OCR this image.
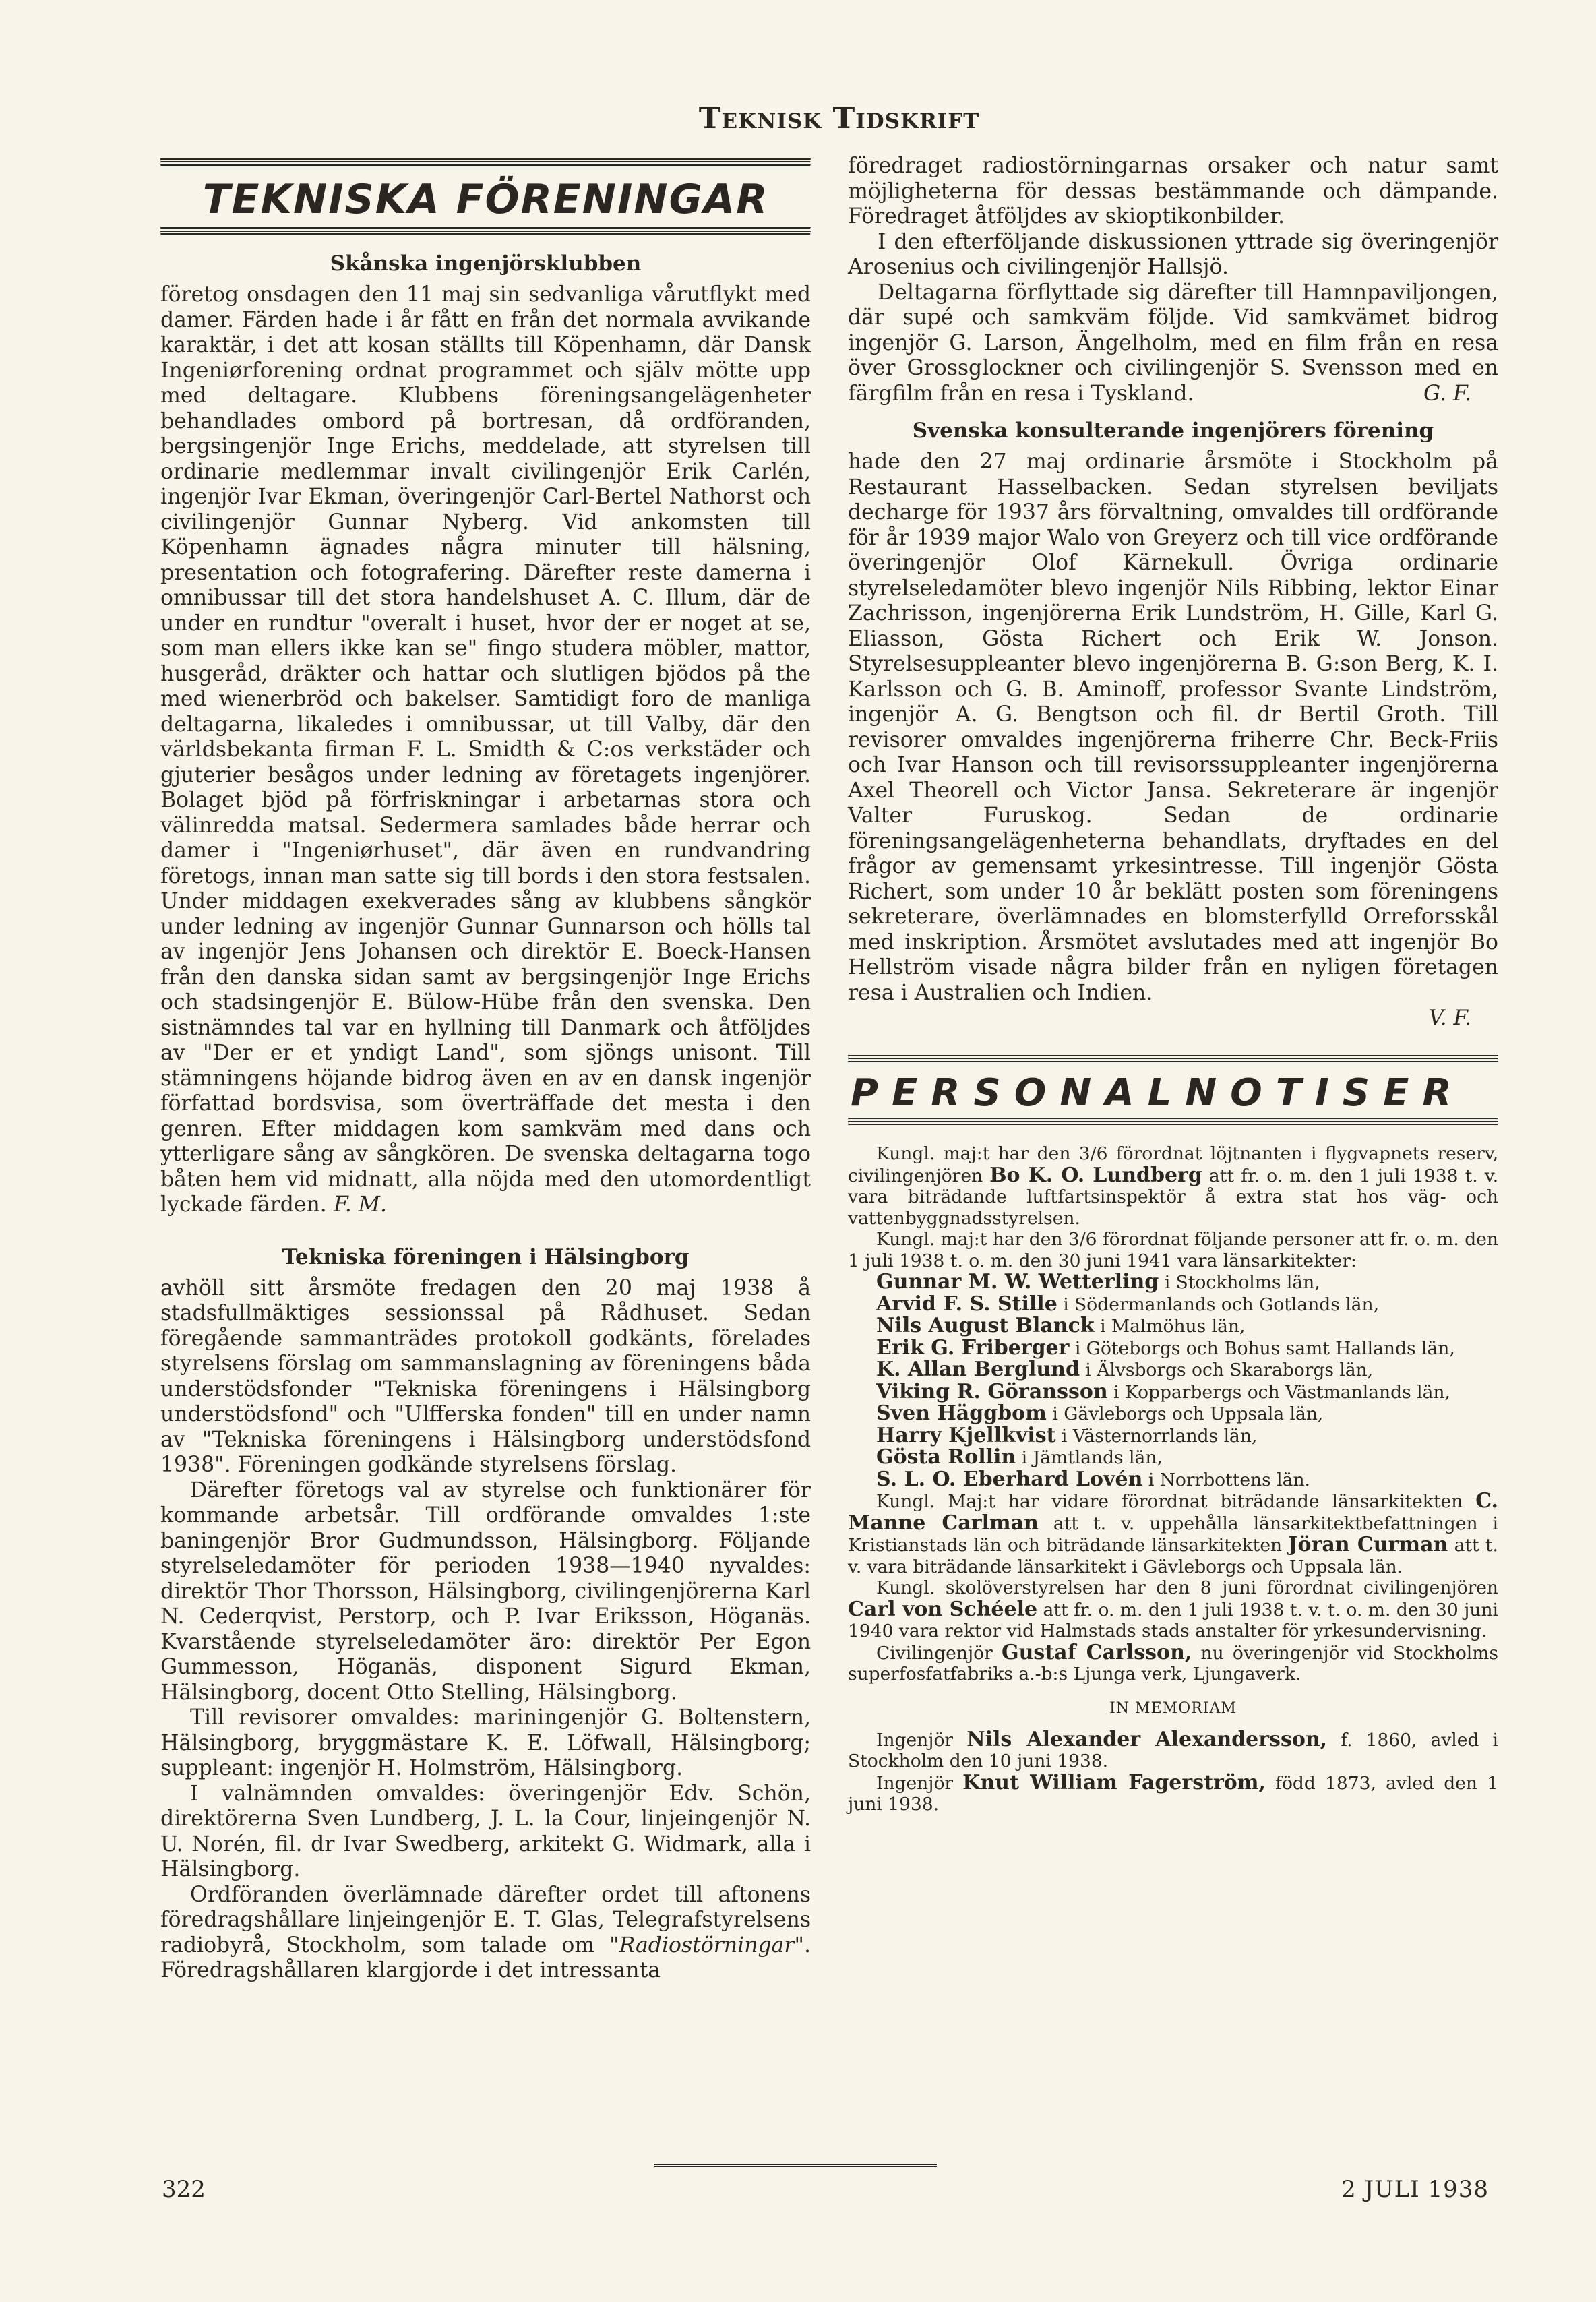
Teknisk Tidskrift
TEKNISKA FÖRENINGAR
Skånska ingenjörsklubben

företog onsdagen den 11 maj sin sedvanliga vårutflykt med damer. Färden hade i år fått en från det normala avvikande karaktär, i det att kosan ställts till Köpenhamn, där Dansk Ingeniørforening ordnat programmet och själv mötte upp med deltagare. Klubbens föreningsangelägenheter behandlades ombord på bortresan, då ordföranden, bergsingenjör Inge Erichs, meddelade, att styrelsen till ordinarie medlemmar invalt civilingenjör Erik Carlén, ingenjör Ivar Ekman, överingenjör Carl-Bertel Nathorst och civilingenjör Gunnar Nyberg. Vid ankomsten till Köpenhamn ägnades några minuter till hälsning, presentation och fotografering. Därefter reste damerna i omnibussar till det stora handelshuset A. C. Illum, där de under en rundtur "overalt i huset, hvor der er noget at se, som man ellers ikke kan se" fingo studera möbler, mattor, husgeråd, dräkter och hattar och slutligen bjödos på the med wienerbröd och bakelser. Samtidigt foro de manliga deltagarna, likaledes i omnibussar, ut till Valby, där den världsbekanta firman F. L. Smidth & C:os verkstäder och gjuterier besågos under ledning av företagets ingenjörer. Bolaget bjöd på förfriskningar i arbetarnas stora och välinredda matsal. Sedermera samlades både herrar och damer i "Ingeniørhuset", där även en rundvandring företogs, innan man satte sig till bords i den stora festsalen. Under middagen exekverades sång av klubbens sångkör under ledning av ingenjör Gunnar Gunnarson och hölls tal av ingenjör Jens Johansen och direktör E. Boeck-Hansen från den danska sidan samt av bergsingenjör Inge Erichs och stadsingenjör E. Bülow-Hübe från den svenska. Den sistnämndes tal var en hyllning till Danmark och åtföljdes av "Der er et yndigt Land", som sjöngs unisont. Till stämningens höjande bidrog även en av en dansk ingenjör författad bordsvisa, som överträffade det mesta i den genren. Efter middagen kom samkväm med dans och ytterligare sång av sångkören. De svenska deltagarna togo båten hem vid midnatt, alla nöjda med den utomordentligt lyckade färden. F. M.

Tekniska föreningen i Hälsingborg

avhöll sitt årsmöte fredagen den 20 maj 1938 å stadsfullmäktiges sessionssal på Rådhuset. Sedan föregående sammanträdes protokoll godkänts, förelades styrelsens förslag om sammanslagning av föreningens båda understödsfonder "Tekniska föreningens i Hälsingborg understödsfond" och "Ulfferska fonden" till en under namn av "Tekniska föreningens i Hälsingborg understödsfond 1938". Föreningen godkände styrelsens förslag.

Därefter företogs val av styrelse och funktionärer för kommande arbetsår. Till ordförande omvaldes 1:ste baningenjör Bror Gudmundsson, Hälsingborg. Följande styrelseledamöter för perioden 1938—1940 nyvaldes: direktör Thor Thorsson, Hälsingborg, civilingenjörerna Karl N. Cederqvist, Perstorp, och P. Ivar Eriksson, Höganäs. Kvarstående styrelseledamöter äro: direktör Per Egon Gummesson, Höganäs, disponent Sigurd Ekman, Hälsingborg, docent Otto Stelling, Hälsingborg.

Till revisorer omvaldes: mariningenjör G. Boltenstern, Hälsingborg, bryggmästare K. E. Löfwall, Hälsingborg; suppleant: ingenjör H. Holmström, Hälsingborg.

I valnämnden omvaldes: överingenjör Edv. Schön, direktörerna Sven Lundberg, J. L. la Cour, linjeingenjör N. U. Norén, fil. dr Ivar Swedberg, arkitekt G. Widmark, alla i Hälsingborg.

Ordföranden överlämnade därefter ordet till aftonens föredragshållare linjeingenjör E. T. Glas, Telegrafstyrelsens radiobyrå, Stockholm, som talade om "Radiostörningar". Föredragshållaren klargjorde i det intressanta

föredraget radiostörningarnas orsaker och natur samt möjligheterna för dessas bestämmande och dämpande. Föredraget åtföljdes av skioptikonbilder.

I den efterföljande diskussionen yttrade sig överingenjör Arosenius och civilingenjör Hallsjö.

Deltagarna förflyttade sig därefter till Hamnpaviljongen, där supé och samkväm följde. Vid samkvämet bidrog ingenjör G. Larson, Ängelholm, med en film från en resa över Grossglockner och civilingenjör S. Svensson med en färgfilm från en resa i Tyskland.	G. F.

Svenska konsulterande ingenjörers förening

hade den 27 maj ordinarie årsmöte i Stockholm på Restaurant Hasselbacken. Sedan styrelsen beviljats decharge för 1937 års förvaltning, omvaldes till ordförande för år 1939 major Walo von Greyerz och till vice ordförande överingenjör Olof Kärnekull. Övriga ordinarie styrelseledamöter blevo ingenjör Nils Ribbing, lektor Einar Zachrisson, ingenjörerna Erik Lundström, H. Gille, Karl G. Eliasson, Gösta Richert och Erik W. Jonson. Styrelsesuppleanter blevo ingenjörerna B. G:son Berg, K. I. Karlsson och G. B. Aminoff, professor Svante Lindström, ingenjör A. G. Bengtson och fil. dr Bertil Groth. Till revisorer omvaldes ingenjörerna friherre Chr. Beck-Friis och Ivar Hanson och till revisorssuppleanter ingenjörerna Axel Theorell och Victor Jansa. Sekreterare är ingenjör Valter Furuskog. Sedan de ordinarie föreningsangelägenheterna behandlats, dryftades en del frågor av gemensamt yrkesintresse. Till ingenjör Gösta Richert, som under 10 år beklätt posten som föreningens sekreterare, överlämnades en blomsterfylld Orreforsskål med inskription. Årsmötet avslutades med att ingenjör Bo Hellström visade några bilder från en nyligen företagen resa i Australien och Indien.

V. F.

PERSONALNOTISER

Kungl. maj:t har den 3/6 förordnat löjtnanten i flygvapnets reserv, civilingenjören Bo K. O. Lundberg att fr. o. m. den 1 juli 1938 t. v. vara biträdande luftfartsinspektör å extra stat hos väg- och vattenbyggnadsstyrelsen.

Kungl. maj:t har den 3/6 förordnat följande personer att fr. o. m. den 1 juli 1938 t. o. m. den 30 juni 1941 vara länsarkitekter:

Gunnar M. W. Wetterling i Stockholms län,

Arvid F. S. Stille i Södermanlands och Gotlands län,

Nils August Blanck i Malmöhus län,

Erik G. Friberger i Göteborgs och Bohus samt Hallands län,

K. Allan Berglund i Älvsborgs och Skaraborgs län,

Viking R. Göransson i Kopparbergs och Västmanlands län,

Sven Häggbom i Gävleborgs och Uppsala län,

Harry Kjellkvist i Västernorrlands län,

Gösta Rollin i Jämtlands län,

S. L. O. Eberhard Lovén i Norrbottens län.

Kungl. Maj:t har vidare förordnat biträdande länsarkitekten C. Manne Carlman att t. v. uppehålla länsarkitektbefattningen i Kristianstads län och biträdande länsarkitekten Jöran Curman att t. v. vara biträdande länsarkitekt i Gävleborgs och Uppsala län.

Kungl. skolöverstyrelsen har den 8 juni förordnat civilingenjören Carl von Schéele att fr. o. m. den 1 juli 1938 t. v. t. o. m. den 30 juni 1940 vara rektor vid Halmstads stads anstalter för yrkesundervisning.

Civilingenjör Gustaf Carlsson, nu överingenjör vid Stockholms superfosfatfabriks a.-b:s Ljunga verk, Ljungaverk.

IN MEMORIAM

Ingenjör Nils Alexander Alexandersson, f. 1860, avled i Stockholm den 10 juni 1938.

Ingenjör Knut William Fagerström, född 1873, avled den 1 juni 1938.

322	2 JULI 1938
